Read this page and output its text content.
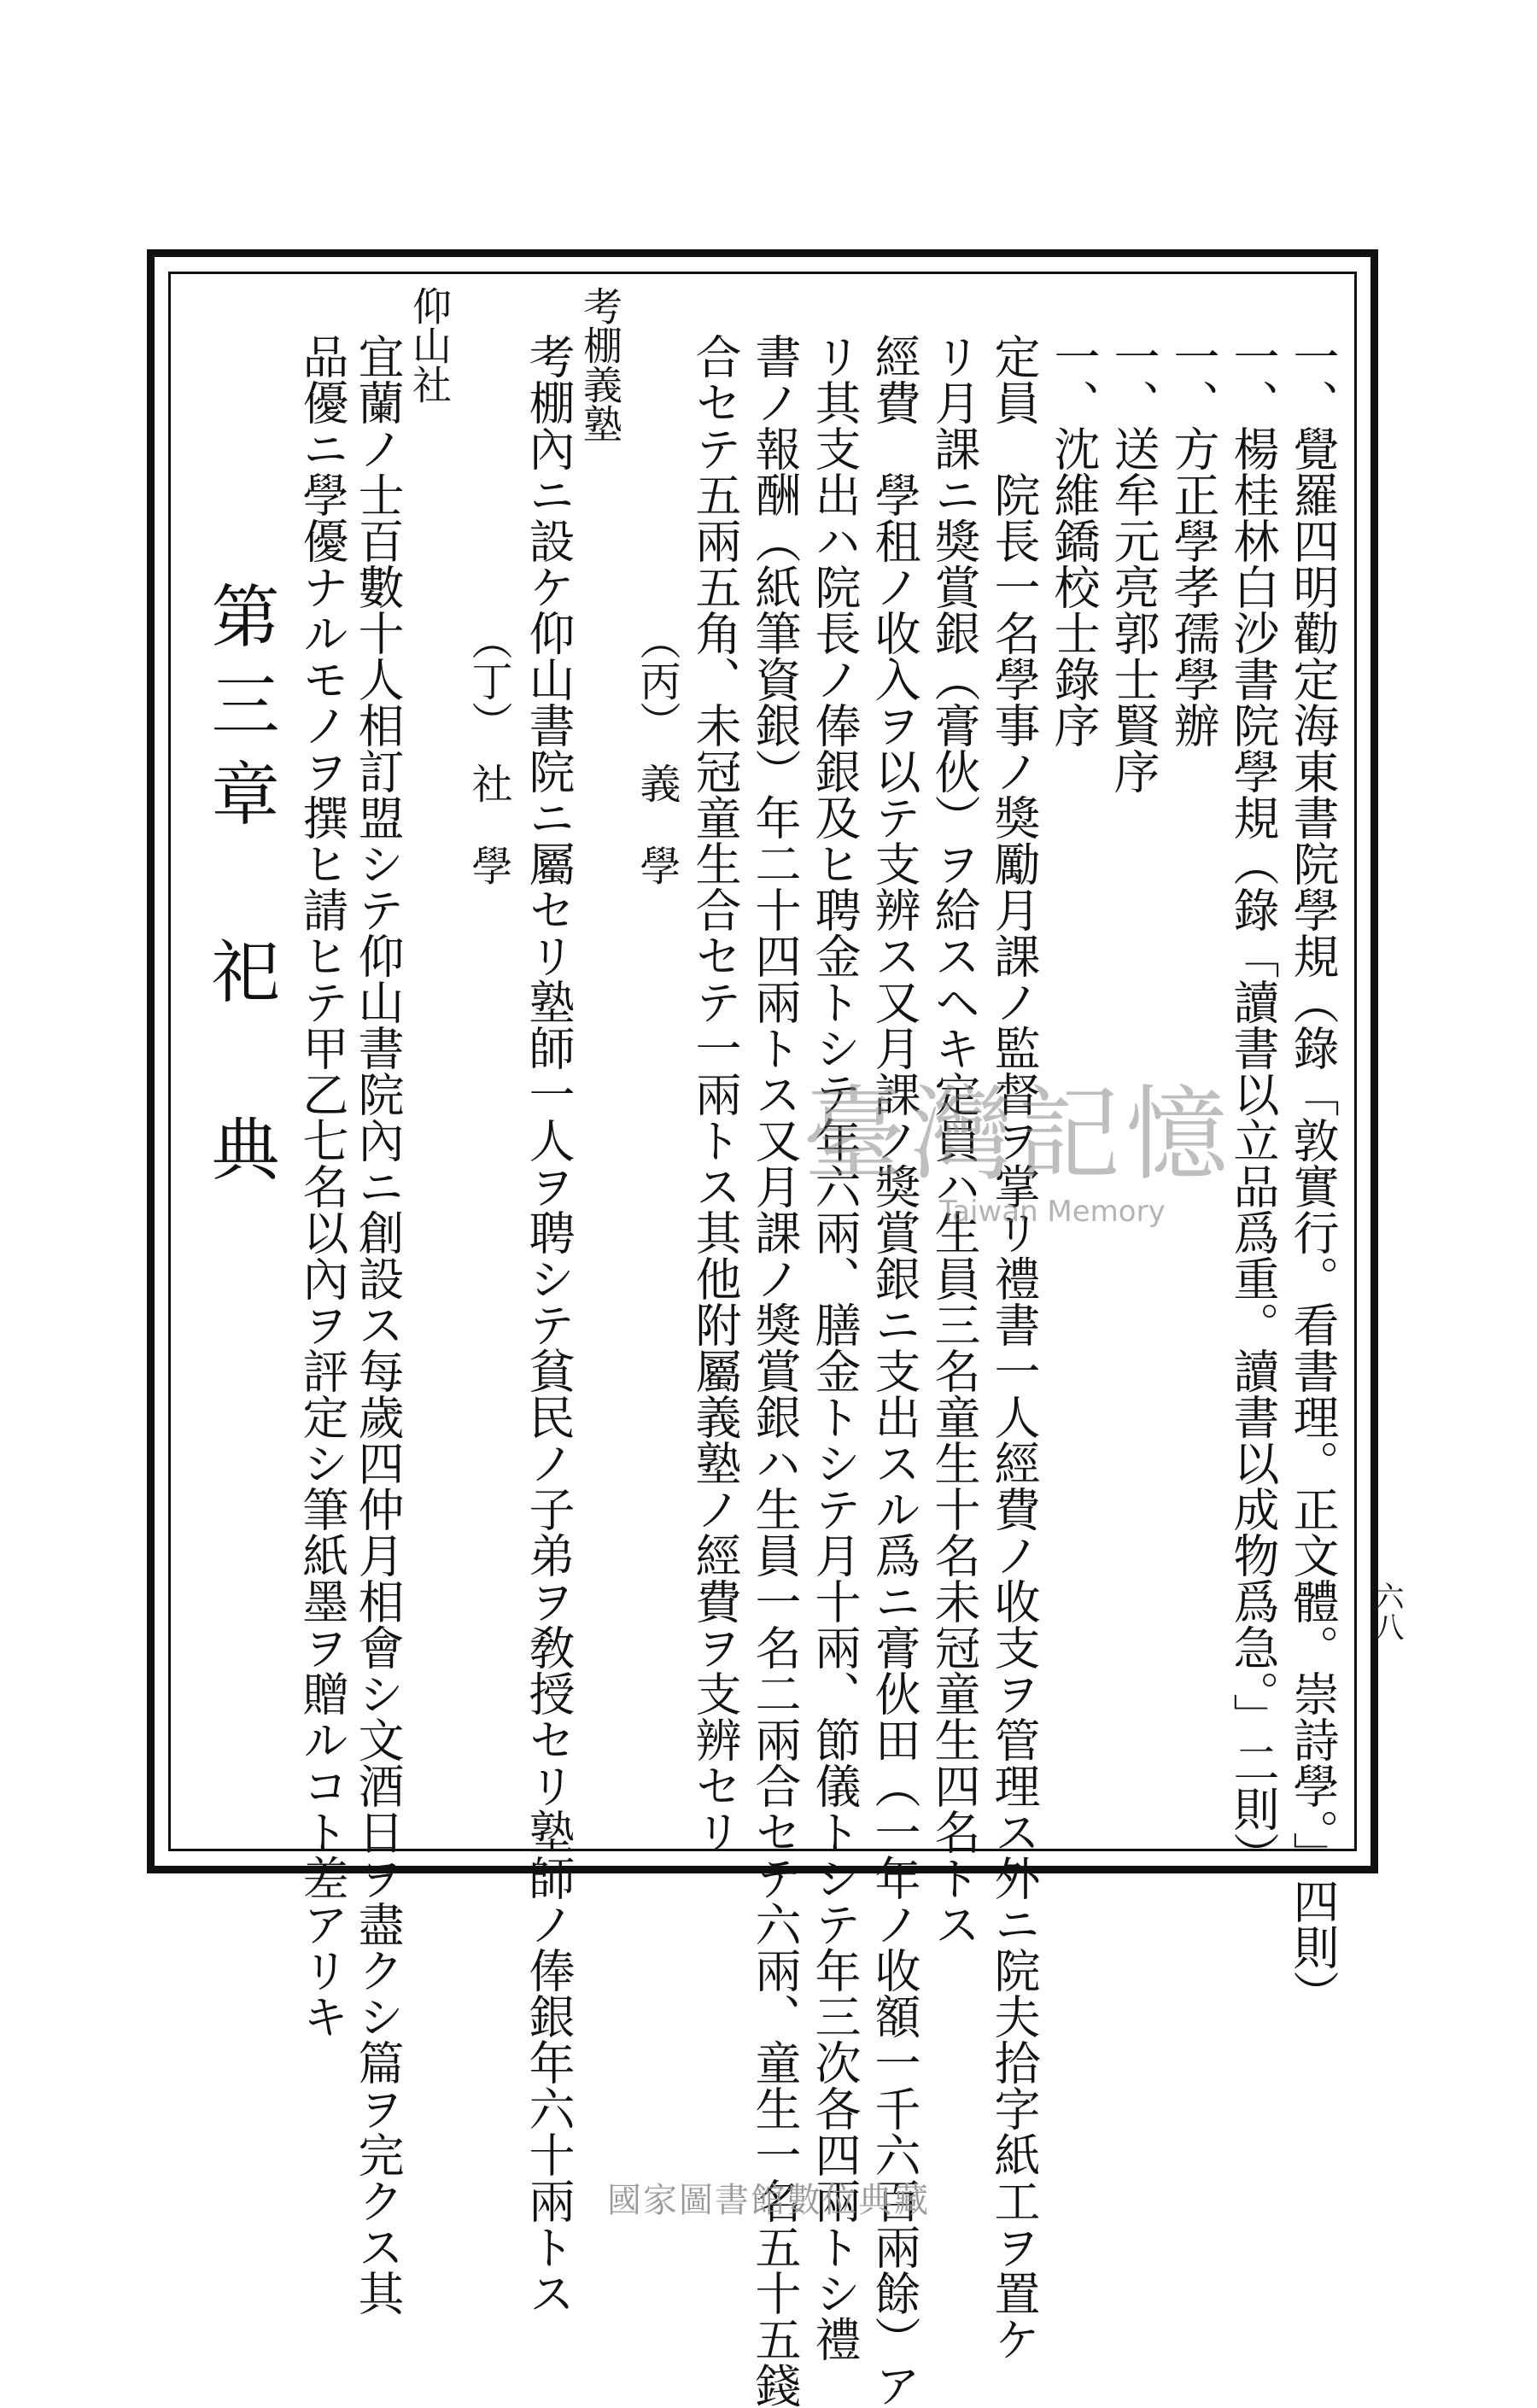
六八
一、覺羅四明勸定海東書院學規（錄「敦實行。看書理。正文體。崇詩學。」四則）
一、楊桂林白沙書院學規（錄「讀書以立品爲重。讀書以成物爲急。」二則）
一、方正學孝孺學辦
一、送牟元亮郭士賢序
一、沈維鐈校士錄序
定員　院長一名學事ノ獎勵月課ノ監督ヲ掌リ禮書一人經費ノ收支ヲ管理ス外ニ院夫拾字紙工ヲ置ケ
リ月課ニ獎賞銀（膏伙）ヲ給スヘキ定員ハ生員三名童生十名未冠童生四名トス
經費　學租ノ收入ヲ以テ支辨ス又月課ノ獎賞銀ニ支出スル爲ニ膏伙田（一年ノ收額一千六百兩餘）ア
リ其支出ハ院長ノ俸銀及ヒ聘金トシテ年六兩、膳金トシテ月十兩、節儀トシテ年三次各四兩トシ禮
書ノ報酬（紙筆資銀）年二十四兩トス又月課ノ獎賞銀ハ生員一名二兩合セテ六兩、童生一名五十五錢
合セテ五兩五角、未冠童生合セテ一兩トス其他附屬義塾ノ經費ヲ支辨セリ
（丙）　義　學
考棚義塾
考棚內ニ設ケ仰山書院ニ屬セリ塾師一人ヲ聘シテ貧民ノ子弟ヲ敎授セリ塾師ノ俸銀年六十兩トス
（丁）　社　學
仰山社
宜蘭ノ士百數十人相訂盟シテ仰山書院內ニ創設ス每歲四仲月相會シ文酒日ヲ盡クシ篇ヲ完クス其
品優ニ學優ナルモノヲ撰ヒ請ヒテ甲乙七名以內ヲ評定シ筆紙墨ヲ贈ルコト差アリキ
第三章　祀　典	臺灣記憶
Taiwan Memory
國家圖書館數位典藏
